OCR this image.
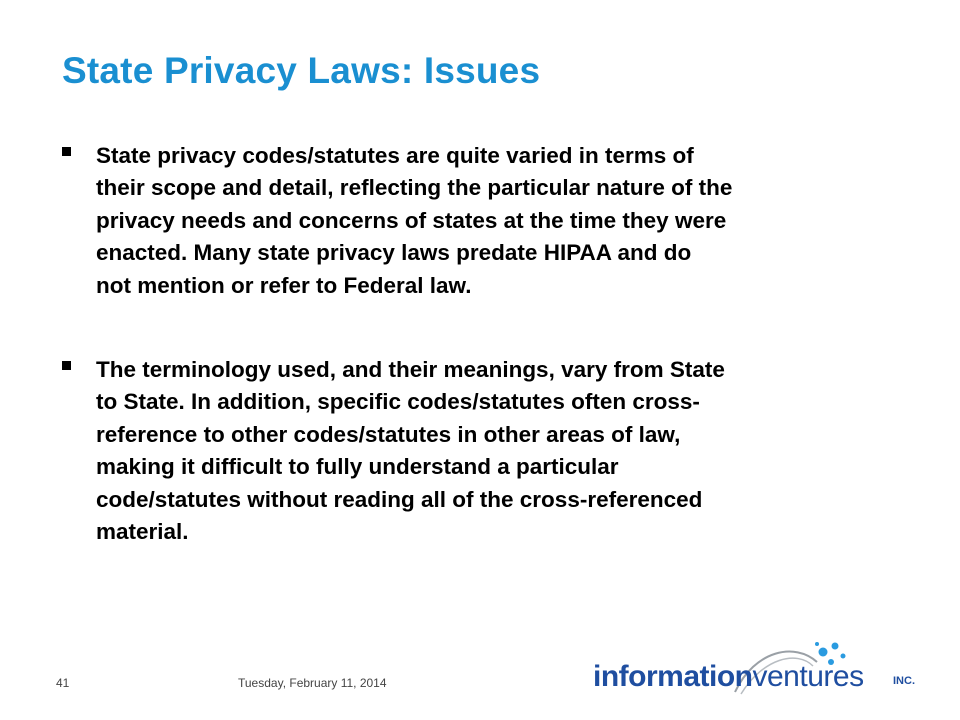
State Privacy Laws: Issues
State privacy codes/statutes are quite varied in terms of
their scope and detail, reflecting the particular nature of the
privacy needs and concerns of states at the time they were
enacted. Many state privacy laws predate HIPAA and do
not mention or refer to Federal law.
The terminology used, and their meanings, vary from State
to State. In addition, specific codes/statutes often cross-
reference to other codes/statutes in other areas of law,
making it difficult to fully understand a particular
code/statutes without reading all of the cross-referenced
material.
41	Tuesday, February 11, 2014	informationventures	INC.
